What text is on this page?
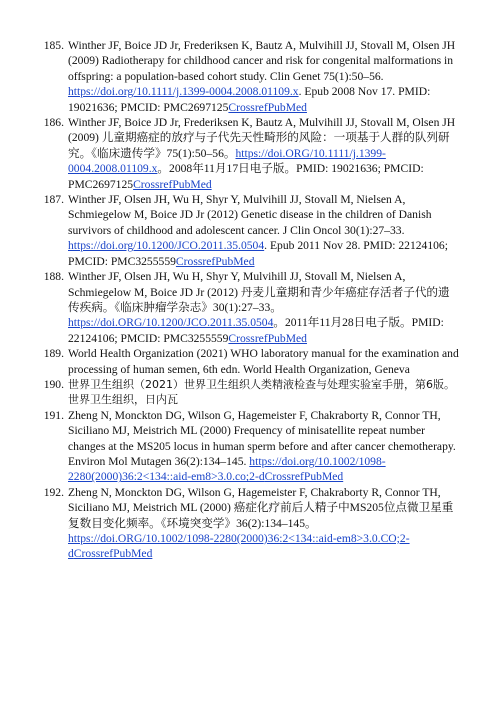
185. Winther JF, Boice JD Jr, Frederiksen K, Bautz A, Mulvihill JJ, Stovall M, Olsen JH (2009) Radiotherapy for childhood cancer and risk for congenital malformations in offspring: a population-based cohort study. Clin Genet 75(1):50–56. https://doi.org/10.1111/j.1399-0004.2008.01109.x. Epub 2008 Nov 17. PMID: 19021636; PMCID: PMC2697125CrossrefPubMed
186. Winther JF, Boice JD Jr, Frederiksen K, Bautz A, Mulvihill JJ, Stovall M, Olsen JH (2009) 儿童期癌症的放疗与子代先天性畸形的风险：一项基于人群的队列研究。《临床遗传学》75(1):50–56。https://doi.ORG/10.1111/j.1399-0004.2008.01109.x。2008年11月17日电子版。PMID: 19021636; PMCID: PMC2697125CrossrefPubMed
187. Winther JF, Olsen JH, Wu H, Shyr Y, Mulvihill JJ, Stovall M, Nielsen A, Schmiegelow M, Boice JD Jr (2012) Genetic disease in the children of Danish survivors of childhood and adolescent cancer. J Clin Oncol 30(1):27–33. https://doi.org/10.1200/JCO.2011.35.0504. Epub 2011 Nov 28. PMID: 22124106; PMCID: PMC3255559CrossrefPubMed
188. Winther JF, Olsen JH, Wu H, Shyr Y, Mulvihill JJ, Stovall M, Nielsen A, Schmiegelow M, Boice JD Jr (2012) 丹麦儿童期和青少年癌症存活者子代的遗传疾病。《临床肿瘤学杂志》30(1):27–33。https://doi.ORG/10.1200/JCO.2011.35.0504。2011年11月28日电子版。PMID: 22124106; PMCID: PMC3255559CrossrefPubMed
189. World Health Organization (2021) WHO laboratory manual for the examination and processing of human semen, 6th edn. World Health Organization, Geneva
190. 世界卫生组织（2021）世界卫生组织人类精液检查与处理实验室手册，第6版。世界卫生组织，日内瓦
191. Zheng N, Monckton DG, Wilson G, Hagemeister F, Chakraborty R, Connor TH, Siciliano MJ, Meistrich ML (2000) Frequency of minisatellite repeat number changes at the MS205 locus in human sperm before and after cancer chemotherapy. Environ Mol Mutagen 36(2):134–145. https://doi.org/10.1002/1098-2280(2000)36:2<134::aid-em8>3.0.co;2-dCrossrefPubMed
192. Zheng N, Monckton DG, Wilson G, Hagemeister F, Chakraborty R, Connor TH, Siciliano MJ, Meistrich ML (2000) 癌症化疗前后人精子中MS205位点微卫星重复数目变化频率。《环境突变学》36(2):134–145。https://doi.ORG/10.1002/1098-2280(2000)36:2<134::aid-em8>3.0.CO;2-dCrossrefPubMed
